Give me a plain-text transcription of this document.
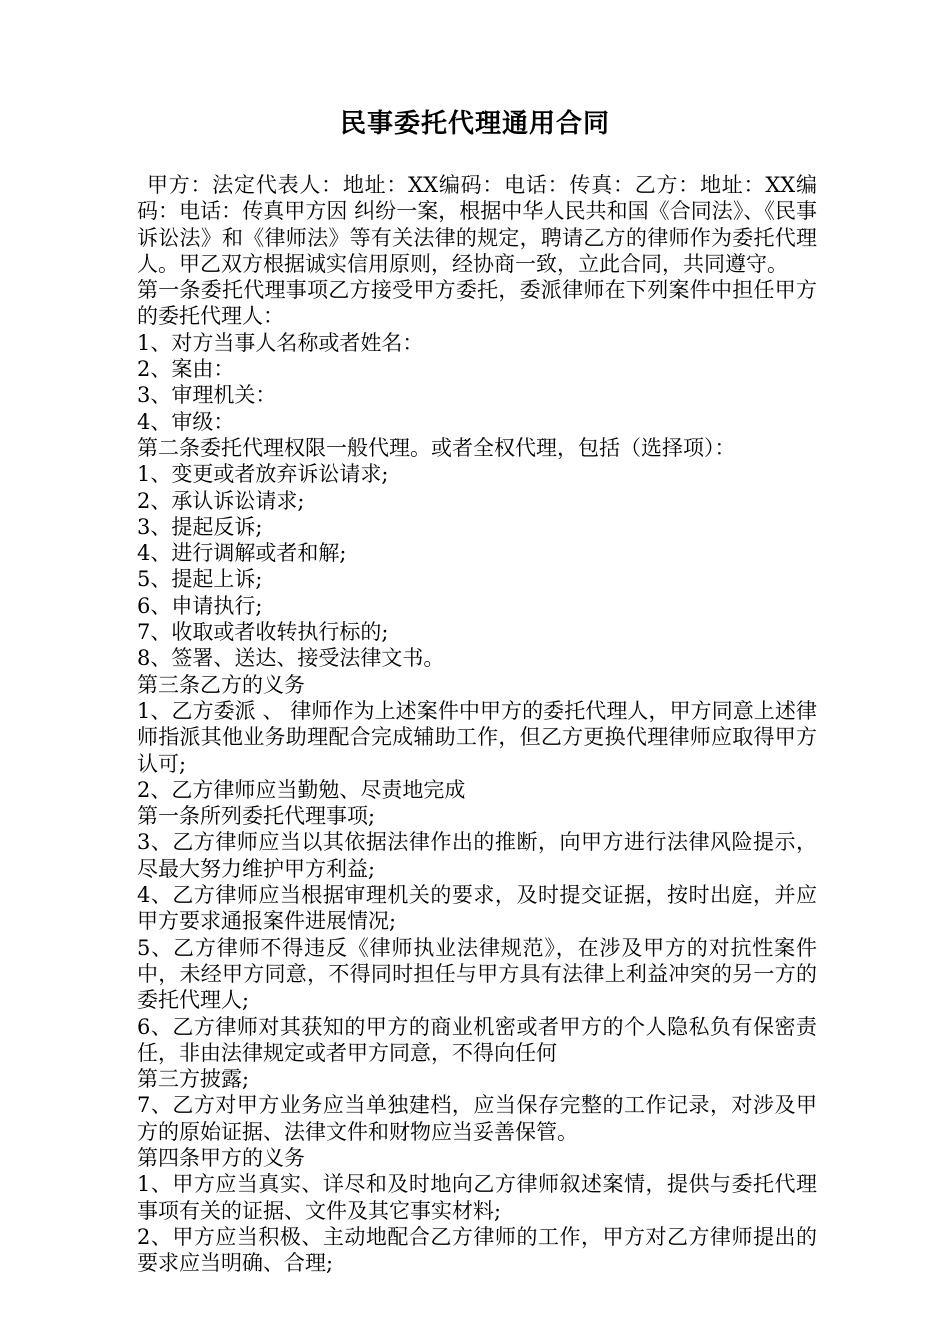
民事委托代理通用合同

甲方：法定代表人：地址：XX编码：电话：传真：乙方：地址：XX编码：电话：传真甲方因 纠纷一案，根据中华人民共和国《合同法》、《民事诉讼法》和《律师法》等有关法律的规定，聘请乙方的律师作为委托代理人。甲乙双方根据诚实信用原则，经协商一致，立此合同，共同遵守。

第一条委托代理事项乙方接受甲方委托，委派律师在下列案件中担任甲方的委托代理人：

1、对方当事人名称或者姓名：

2、案由：

3、审理机关：

4、审级：

第二条委托代理权限一般代理。或者全权代理，包括（选择项）：

1、变更或者放弃诉讼请求;

2、承认诉讼请求;

3、提起反诉;

4、进行调解或者和解;

5、提起上诉;

6、申请执行;

7、收取或者收转执行标的;

8、签署、送达、接受法律文书。

第三条乙方的义务

1、乙方委派 、 律师作为上述案件中甲方的委托代理人，甲方同意上述律师指派其他业务助理配合完成辅助工作，但乙方更换代理律师应取得甲方认可;

2、乙方律师应当勤勉、尽责地完成

第一条所列委托代理事项;

3、乙方律师应当以其依据法律作出的推断，向甲方进行法律风险提示，尽最大努力维护甲方利益;

4、乙方律师应当根据审理机关的要求，及时提交证据，按时出庭，并应甲方要求通报案件进展情况;

5、乙方律师不得违反《律师执业法律规范》，在涉及甲方的对抗性案件中，未经甲方同意，不得同时担任与甲方具有法律上利益冲突的另一方的委托代理人;

6、乙方律师对其获知的甲方的商业机密或者甲方的个人隐私负有保密责任，非由法律规定或者甲方同意，不得向任何

第三方披露;

7、乙方对甲方业务应当单独建档，应当保存完整的工作记录，对涉及甲方的原始证据、法律文件和财物应当妥善保管。

第四条甲方的义务

1、甲方应当真实、详尽和及时地向乙方律师叙述案情，提供与委托代理事项有关的证据、文件及其它事实材料;

2、甲方应当积极、主动地配合乙方律师的工作，甲方对乙方律师提出的要求应当明确、合理;
